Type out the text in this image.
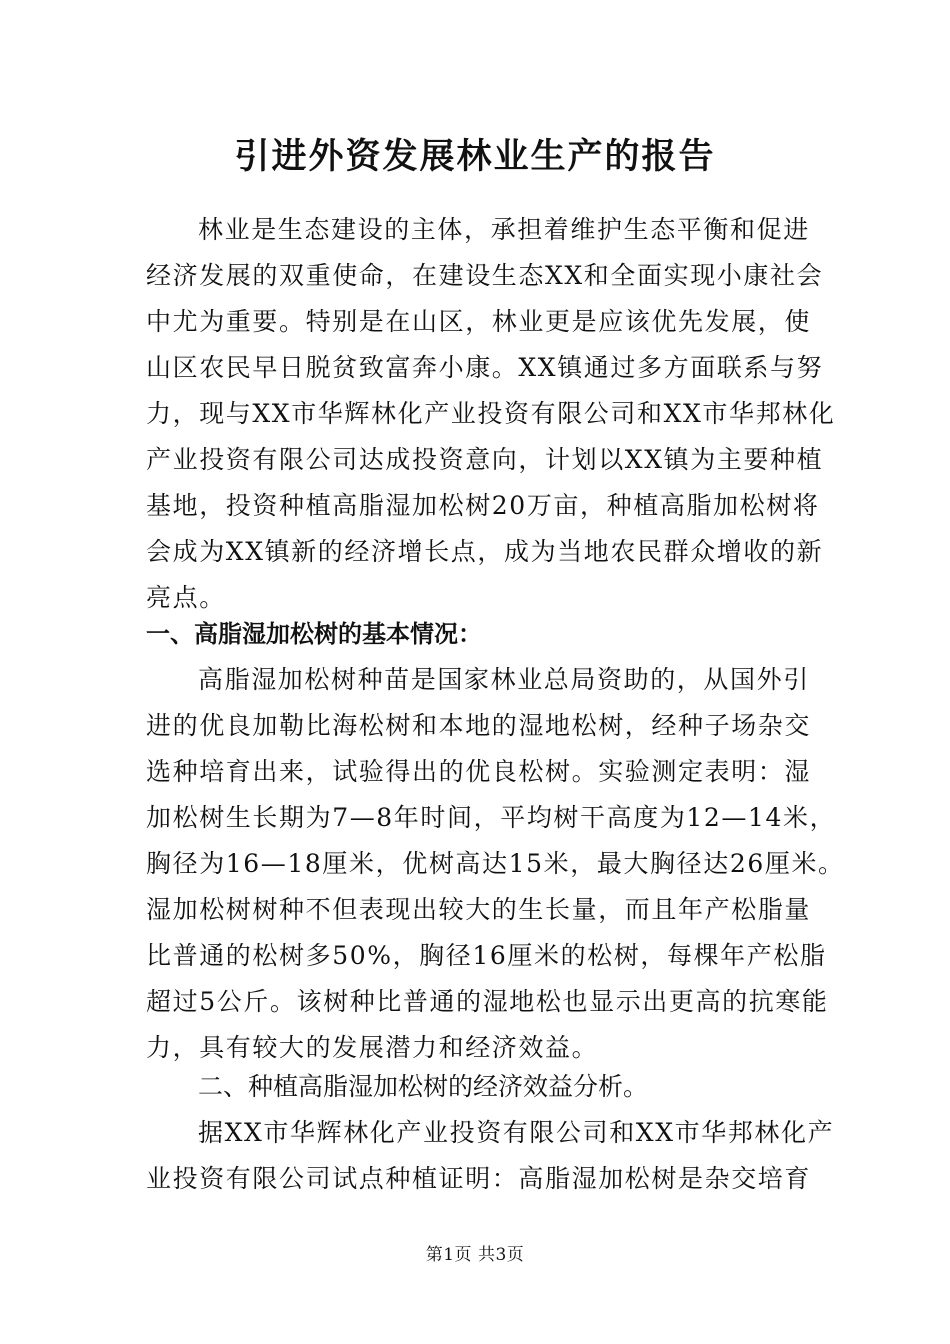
引进外资发展林业生产的报告
林业是生态建设的主体，承担着维护生态平衡和促进
经济发展的双重使命，在建设生态XX和全面实现小康社会
中尤为重要。特别是在山区，林业更是应该优先发展，使
山区农民早日脱贫致富奔小康。XX镇通过多方面联系与努
力，现与XX市华辉林化产业投资有限公司和XX市华邦林化
产业投资有限公司达成投资意向，计划以XX镇为主要种植
基地，投资种植高脂湿加松树20万亩，种植高脂加松树将
会成为XX镇新的经济增长点，成为当地农民群众增收的新
亮点。
一、高脂湿加松树的基本情况：
高脂湿加松树种苗是国家林业总局资助的，从国外引
进的优良加勒比海松树和本地的湿地松树，经种子场杂交
选种培育出来，试验得出的优良松树。实验测定表明：湿
加松树生长期为7—8年时间，平均树干高度为12—14米，
胸径为16—18厘米，优树高达15米，最大胸径达26厘米。
湿加松树树种不但表现出较大的生长量，而且年产松脂量
比普通的松树多50%，胸径16厘米的松树，每棵年产松脂
超过5公斤。该树种比普通的湿地松也显示出更高的抗寒能
力，具有较大的发展潜力和经济效益。
二、种植高脂湿加松树的经济效益分析。
据XX市华辉林化产业投资有限公司和XX市华邦林化产
业投资有限公司试点种植证明：高脂湿加松树是杂交培育
第1页 共3页
